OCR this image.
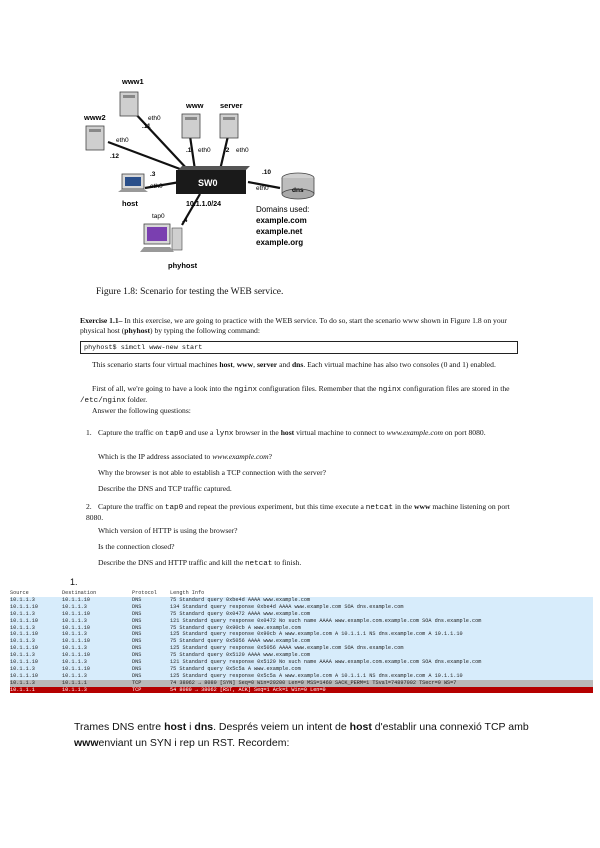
www1
eth0
.11
www2
eth0
.12
www
.1 eth0
server
.2 eth0
SW0
host
.3
eth0
dns
.10
eth0
10.1.1.0/24
Domains used:
example.com
example.net
example.org
tap0
.4
phyhost
Figure 1.8: Scenario for testing the WEB service.
Exercise 1.1– In this exercise, we are going to practice with the WEB service. To do so, start the scenario www shown in Figure 1.8 on your physical host (phyhost) by typing the following command:
phyhost$ simctl www-new start
This scenario starts four virtual machines host, www, server and dns. Each virtual machine has also two consoles (0 and 1) enabled.
First of all, we're going to have a look into the nginx configuration files. Remember that the nginx configuration files are stored in the /etc/nginx folder.
Answer the following questions:
1. Capture the traffic on tap0 and use a lynx browser in the host virtual machine to connect to www.example.com on port 8080.
Which is the IP address associated to www.example.com?
Why the browser is not able to establish a TCP connection with the server?
Describe the DNS and TCP traffic captured.
2. Capture the traffic on tap0 and repeat the previous experiment, but this time execute a netcat in the www machine listening on port 8080.
Which version of HTTP is using the browser?
Is the connection closed?
Describe the DNS and HTTP traffic and kill the netcat to finish.
1.
Source	Destination	Protocol	Length Info
10.1.1.3	10.1.1.10	DNS	75 Standard query 0xbe4d AAAA www.example.com
10.1.1.10	10.1.1.3	DNS	134 Standard query response 0xbe4d AAAA www.example.com SOA dns.example.com
10.1.1.3	10.1.1.10	DNS	75 Standard query 0x0472 AAAA www.example.com
10.1.1.10	10.1.1.3	DNS	121 Standard query response 0x0472 No such name AAAA www.example.com.example.com SOA dns.example.com
10.1.1.3	10.1.1.10	DNS	75 Standard query 0x90cb A www.example.com
10.1.1.10	10.1.1.3	DNS	125 Standard query response 0x90cb A www.example.com A 10.1.1.1 NS dns.example.com A 10.1.1.10
10.1.1.3	10.1.1.10	DNS	75 Standard query 0x5056 AAAA www.example.com
10.1.1.10	10.1.1.3	DNS	125 Standard query response 0x5056 AAAA www.example.com SOA dns.example.com
10.1.1.3	10.1.1.10	DNS	75 Standard query 0x5120 AAAA www.example.com
10.1.1.10	10.1.1.3	DNS	121 Standard query response 0x5120 No such name AAAA www.example.com.example.com SOA dns.example.com
10.1.1.3	10.1.1.10	DNS	75 Standard query 0x5c5a A www.example.com
10.1.1.10	10.1.1.3	DNS	125 Standard query response 0x5c5a A www.example.com A 10.1.1.1 NS dns.example.com A 10.1.1.10
10.1.1.3	10.1.1.1	TCP	74 38062 → 8080 [SYN] Seq=0 Win=29200 Len=0 MSS=1460 SACK_PERM=1 TSval=74897002 TSecr=0 WS=7
10.1.1.1	10.1.1.3	TCP	54 8080 → 38062 [RST, ACK] Seq=1 Ack=1 Win=0 Len=0
Trames DNS entre host i dns. Després veiem un intent de host d'establir una connexió TCP amb wwwenviant un SYN i rep un RST. Recordem:
